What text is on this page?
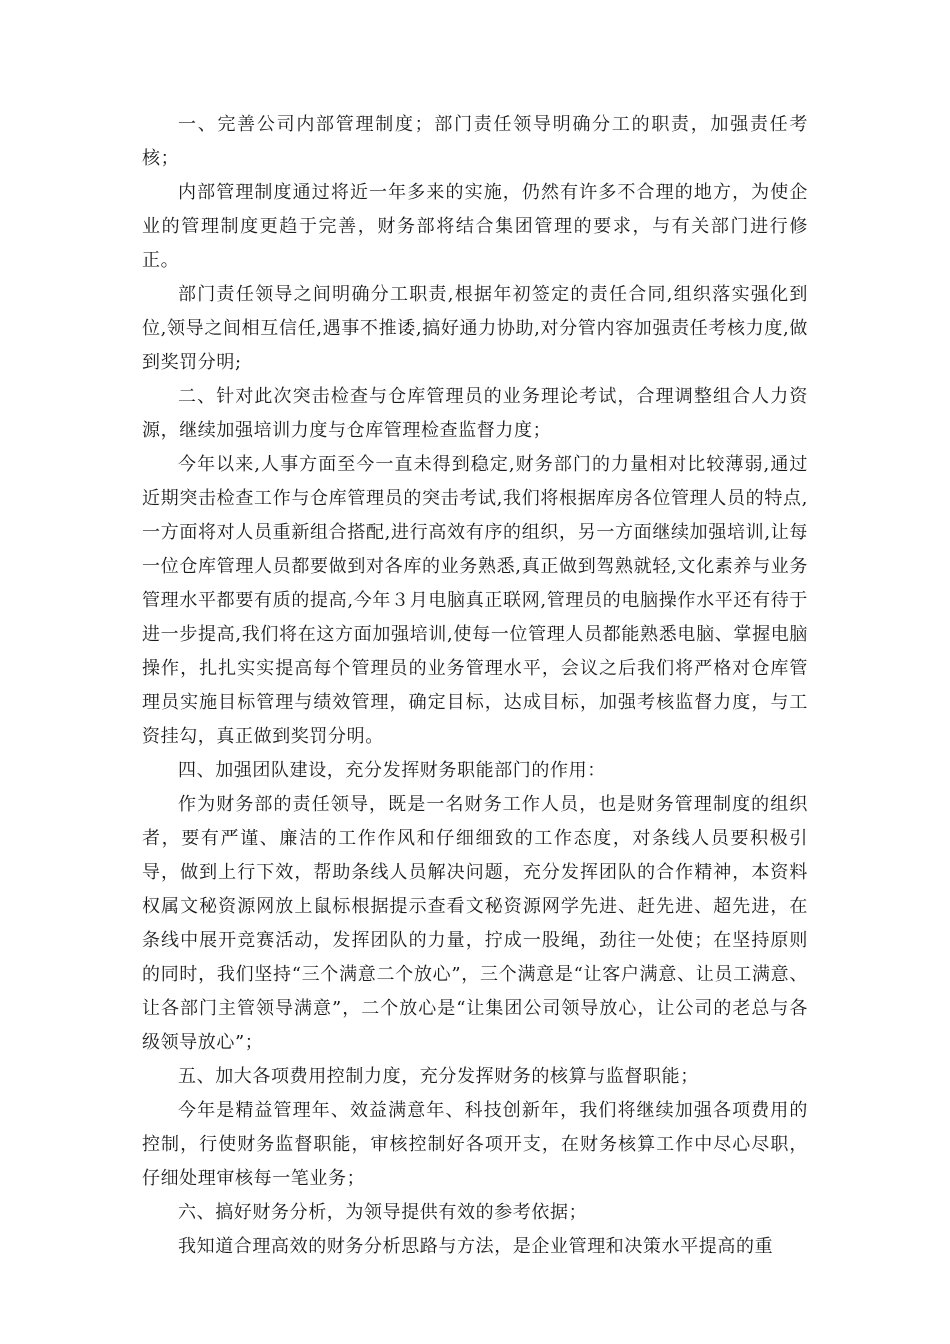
一、完善公司内部管理制度；部门责任领导明确分工的职责，加强责任考核；

内部管理制度通过将近一年多来的实施，仍然有许多不合理的地方，为使企业的管理制度更趋于完善，财务部将结合集团管理的要求，与有关部门进行修正。

部门责任领导之间明确分工职责,根据年初签定的责任合同,组织落实强化到位,领导之间相互信任,遇事不推诿,搞好通力协助,对分管内容加强责任考核力度,做到奖罚分明;

二、针对此次突击检查与仓库管理员的业务理论考试，合理调整组合人力资源，继续加强培训力度与仓库管理检查监督力度；

今年以来,人事方面至今一直未得到稳定,财务部门的力量相对比较薄弱,通过近期突击检查工作与仓库管理员的突击考试,我们将根据库房各位管理人员的特点,一方面将对人员重新组合搭配,进行高效有序的组织，另一方面继续加强培训,让每一位仓库管理人员都要做到对各库的业务熟悉,真正做到驾熟就轻,文化素养与业务管理水平都要有质的提高,今年３月电脑真正联网,管理员的电脑操作水平还有待于进一步提高,我们将在这方面加强培训,使每一位管理人员都能熟悉电脑、掌握电脑操作，扎扎实实提高每个管理员的业务管理水平，会议之后我们将严格对仓库管理员实施目标管理与绩效管理，确定目标，达成目标，加强考核监督力度，与工资挂勾，真正做到奖罚分明。

四、加强团队建设，充分发挥财务职能部门的作用：

作为财务部的责任领导，既是一名财务工作人员，也是财务管理制度的组织者，要有严谨、廉洁的工作作风和仔细细致的工作态度，对条线人员要积极引导，做到上行下效，帮助条线人员解决问题，充分发挥团队的合作精神，本资料权属文秘资源网放上鼠标根据提示查看文秘资源网学先进、赶先进、超先进，在条线中展开竞赛活动，发挥团队的力量，拧成一股绳，劲往一处使；在坚持原则的同时，我们坚持“三个满意二个放心”，三个满意是“让客户满意、让员工满意、让各部门主管领导满意”，二个放心是“让集团公司领导放心，让公司的老总与各级领导放心”；

五、加大各项费用控制力度，充分发挥财务的核算与监督职能；

今年是精益管理年、效益满意年、科技创新年，我们将继续加强各项费用的控制，行使财务监督职能，审核控制好各项开支，在财务核算工作中尽心尽职，仔细处理审核每一笔业务；

六、搞好财务分析，为领导提供有效的参考依据；

我知道合理高效的财务分析思路与方法，是企业管理和决策水平提高的重
